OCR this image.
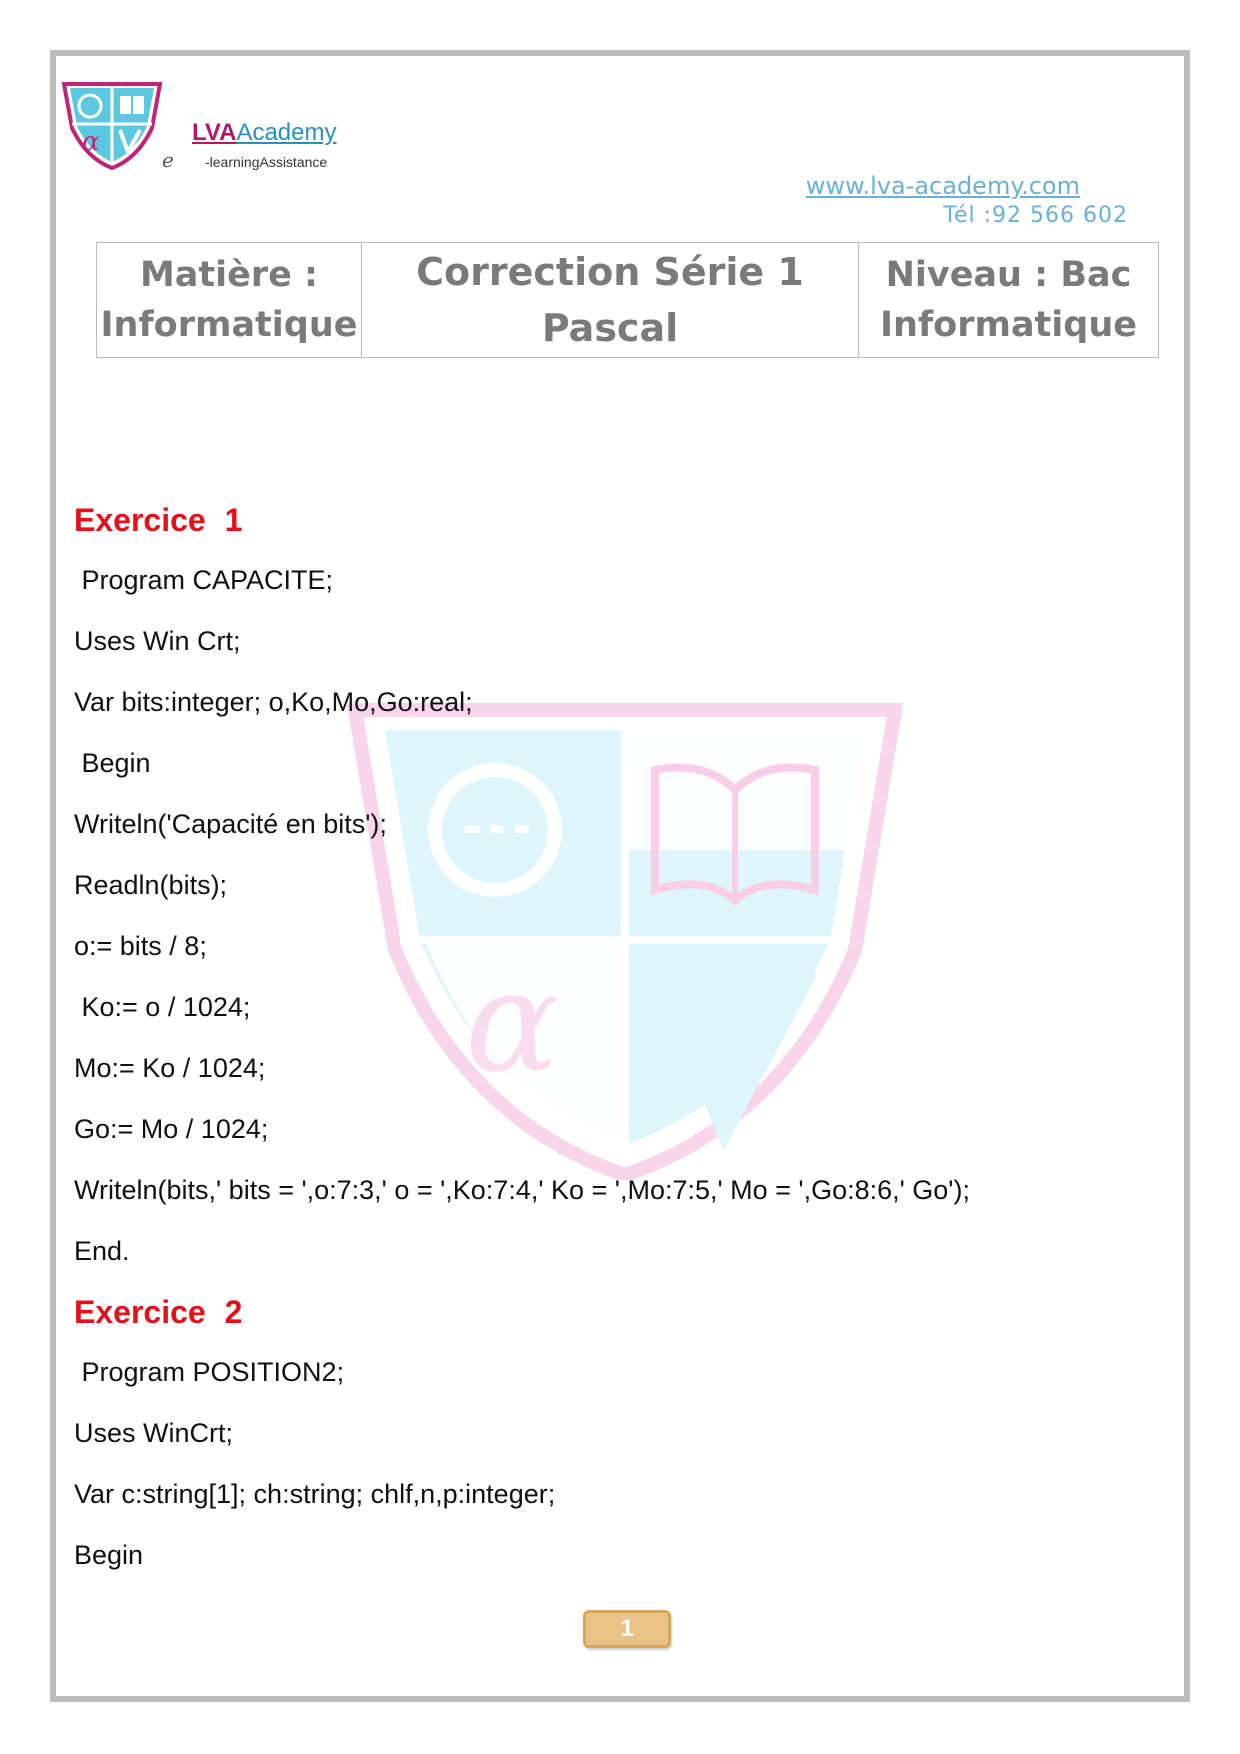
α	LVAAcademy
e -learningAssistance
www.lva-academy.com
Tél :92 566 602
Matière :
Informatique

Correction Série 1
Pascal

Niveau : Bac
Informatique
α
Exercice 1
Program CAPACITE;
Uses Win Crt;
Var bits:integer; o,Ko,Mo,Go:real;
Begin
Writeln('Capacité en bits');
Readln(bits);
o:= bits / 8;
Ko:= o / 1024;
Mo:= Ko / 1024;
Go:= Mo / 1024;
Writeln(bits,' bits = ',o:7:3,' o = ',Ko:7:4,' Ko = ',Mo:7:5,' Mo = ',Go:8:6,' Go');
End.
Exercice 2
Program POSITION2;
Uses WinCrt;
Var c:string[1]; ch:string; chlf,n,p:integer;
Begin
1
